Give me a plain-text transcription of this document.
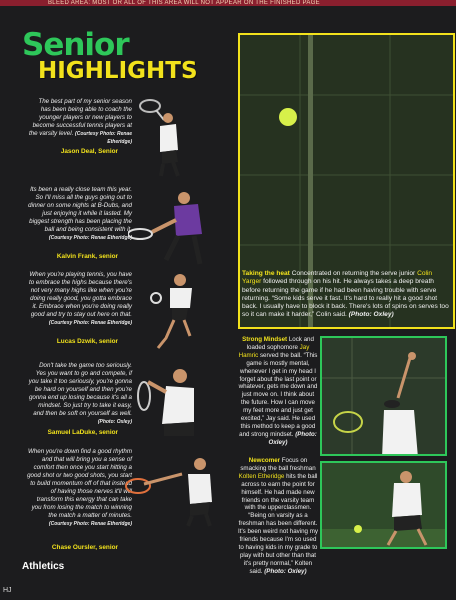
BLEED AREA: MOST OR ALL OF THIS AREA WILL NOT APPEAR ON THE FINISHED PAGE
Senior
HIGHLIGHTS
The best part of my senior season has been being able to coach the younger players or new players to become successful tennis players at the varsity level. (Courtesy Photo: Renae Etheridge)
Jason Deal, Senior
Its been a really close team this year. So I'll miss all the guys going out to dinner on some nights at B-Dubs, and just enjoying it while it lasted. My biggest strength has been placing the ball and being consistent with it. (Courtesy Photo: Renae Etheridge)
Kalvin Frank, senior
When you're playing tennis, you have to embrace the highs because there's not very many highs like when you're doing really good, you gotta embrace it. Embrace when you're doing really good and try to stay out here on that. (Courtesy Photo: Renae Etheridge)
Lucas Dzwik, senior
Don't take the game too seriously. Yes you want to go and compete, if you take it too seriously, you're gonna be hard on yourself and then you're gonna end up losing because it's all a mindset. So just try to take it easy, and then be soft on yourself as well. (Photo: Oxley)
Samuel LaDuke, senior
When you're down find a good rhythm and that will bring you a sense of comfort then once you start hitting a good shot or two good shots, you start to build momentum off of that instead of having those nerves it'll will transform this energy that can take you from losing the match to winning the match a matter of minutes. (Courtesy Photo: Renae Etheridge)
Chase Oursler, senior
Taking the heat Concentrated on returning the serve junior Colin Yarger followed through on his hit. He always takes a deep breath before returning the game if he had been having trouble with serve returning. “Some kids serve it fast. It's hard to really hit a good shot back. I usually have to block it back. There's lots of spins on serves too so it can make it harder,” Colin said. (Photo: Oxley)
Strong Mindset Lock and loaded sophomore Jay Hamric served the ball. “This game is mostly mental, whenever I get in my head I forget about the last point or whatever, gets me down and just move on. I think about the future. How I can move my feet more and just get excited,” Jay said. He used this method to keep a good and strong mindset. (Photo: Oxley)
Newcomer Focus on smacking the ball freshman Kolten Etheridge hits the ball across to earn the point for himself. He had made new friends on the varsity team with the upperclassmen. “Being on varsity as a freshman has been different. It's been weird not having my friends because I'm so used to having kids in my grade to play with but other than that it's pretty normal,” Kolten said. (Photo: Oxley)
Athletics
HJ
